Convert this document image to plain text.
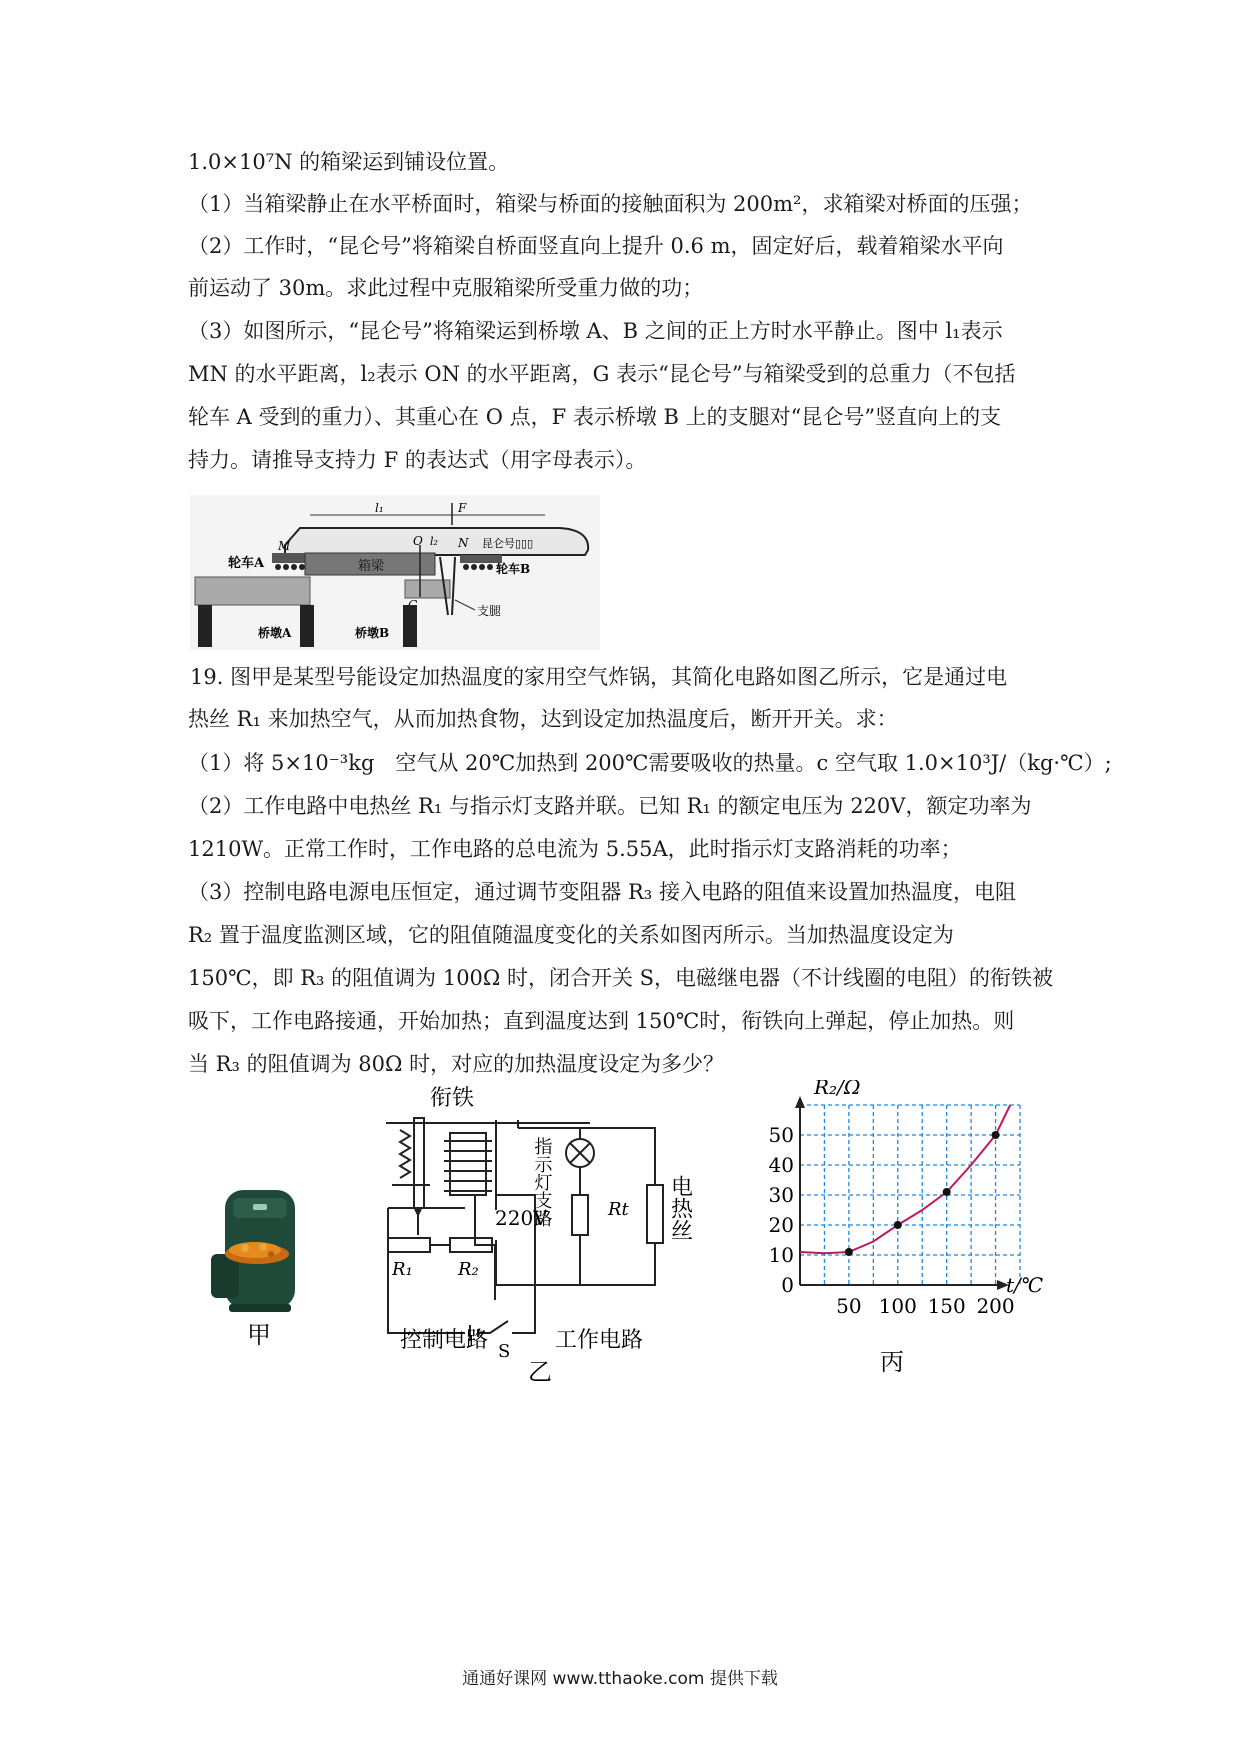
1.0×10⁷N 的箱梁运到铺设位置。
（1）当箱梁静止在水平桥面时，箱梁与桥面的接触面积为 200m²，求箱梁对桥面的压强；
（2）工作时，“昆仑号”将箱梁自桥面竖直向上提升 0.6 m，固定好后，载着箱梁水平向
前运动了 30m。求此过程中克服箱梁所受重力做的功；
（3）如图所示，“昆仑号”将箱梁运到桥墩 A、B 之间的正上方时水平静止。图中 l₁表示
MN 的水平距离，l₂表示 ON 的水平距离，G 表示“昆仑号”与箱梁受到的总重力（不包括
轮车 A 受到的重力）、其重心在 O 点，F 表示桥墩 B 上的支腿对“昆仑号”竖直向上的支
持力。请推导支持力 F 的表达式（用字母表示）。
l₁	F
M	O l₂ N 昆仑号▯▯▯
轮车A	箱梁	轮车B
支腿
桥墩A	桥墩B
19. 图甲是某型号能设定加热温度的家用空气炸锅，其简化电路如图乙所示，它是通过电
热丝 R₁ 来加热空气，从而加热食物，达到设定加热温度后，断开开关。求：
（1）将 5×10⁻³kg　空气从 20℃加热到 200℃需要吸收的热量。c 空气取 1.0×10³J/（kg·℃）;
（2）工作电路中电热丝 R₁ 与指示灯支路并联。已知 R₁ 的额定电压为 220V，额定功率为
1210W。正常工作时，工作电路的总电流为 5.55A，此时指示灯支路消耗的功率；
（3）控制电路电源电压恒定，通过调节变阻器 R₃ 接入电路的阻值来设置加热温度，电阻
R₂ 置于温度监测区域，它的阻值随温度变化的关系如图丙所示。当加热温度设定为
150℃，即 R₃ 的阻值调为 100Ω 时，闭合开关 S，电磁继电器（不计线圈的电阻）的衔铁被
吸下，工作电路接通，开始加热；直到温度达到 150℃时，衔铁向上弹起，停止加热。则
当 R₃ 的阻值调为 80Ω 时，对应的加热温度设定为多少？
甲
衔铁
220V
指示灯支路	Rt 电热丝
R₁	R₂
S
控制电路	工作电路
乙
50 100 150 200
0
10
20
30
40
50
R₂/Ω
t/℃
丙
通通好课网 www.tthaoke.com 提供下载
